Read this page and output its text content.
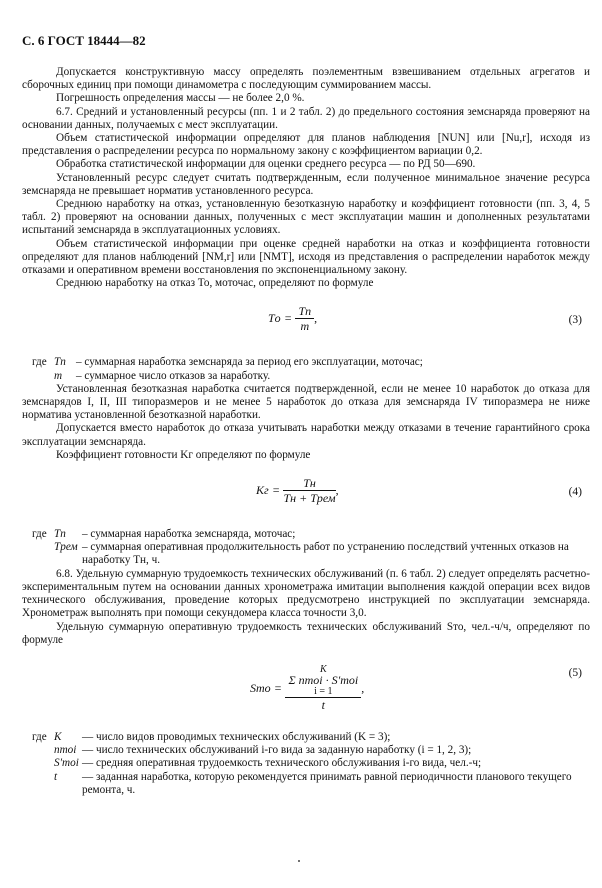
С. 6 ГОСТ 18444—82

Допускается конструктивную массу определять поэлементным взвешиванием отдельных агрегатов и сборочных единиц при помощи динамометра с последующим суммированием массы.

Погрешность определения массы — не более 2,0 %.

6.7. Средний и установленный ресурсы (пп. 1 и 2 табл. 2) до предельного состояния земснаряда проверяют на основании данных, получаемых с мест эксплуатации.

Объем статистической информации определяют для планов наблюдения [NUN] или [Nu,r], исходя из представления о распределении ресурса по нормальному закону с коэффициентом вариации 0,2.

Обработка статистической информации для оценки среднего ресурса — по РД 50—690.

Установленный ресурс следует считать подтвержденным, если полученное минимальное значение ресурса земснаряда не превышает норматив установленного ресурса.

Среднюю наработку на отказ, установленную безотказную наработку и коэффициент готовности (пп. 3, 4, 5 табл. 2) проверяют на основании данных, полученных с мест эксплуатации машин и дополненных результатами испытаний земснаряда в эксплуатационных условиях.

Объем статистической информации при оценке средней наработки на отказ и коэффициента готовности определяют для планов наблюдений [NM,r] или [NMT], исходя из представления о распределении наработок между отказами и оперативном времени восстановления по экспоненциальному закону.

Среднюю наработку на отказ To, моточас, определяют по формуле

Tо = $\frac{Tп}{m}$ ,	(3)
где Tп – суммарная наработка земснаряда за период его эксплуатации, моточас;
m	– суммарное число отказов за наработку.

Установленная безотказная наработка считается подтвержденной, если не менее 10 наработок до отказа для земснарядов I, II, III типоразмеров и не менее 5 наработок до отказа для земснаряда IV типоразмера не ниже норматива установленной безотказной наработки.

Допускается вместо наработок до отказа учитывать наработки между отказами в течение гарантийного срока эксплуатации земснаряда.

Коэффициент готовности Kг определяют по формуле

Kг = $\frac{Tн}{\text{Tн + Tрем}}$ ,	(4)
где Tп	– суммарная наработка земснаряда, моточас;
Tрем – суммарная оперативная продолжительность работ по устранению последствий учтенных отказов на наработку Tн, ч.

6.8. Удельную суммарную трудоемкость технических обслуживаний (п. 6 табл. 2) следует определять расчетно-экспериментальным путем на основании данных хронометража имитации выполнения каждой операции всех видов технического обслуживания, проведение которых предусмотрено инструкцией по эксплуатации земснаряда. Хронометраж выполнять при помощи секундомера класса точности 3,0.

Удельную суммарную оперативную трудоемкость технических обслуживаний Sто, чел.-ч/ч, определяют по формуле

Sто =
K
Σ nтоi · S′тоi
i = 1
t
,
(5)
где K	— число видов проводимых технических обслуживаний (K = 3);
nтоi — число технических обслуживаний i-го вида за заданную наработку (i = 1, 2, 3);
S′тоi — средняя оперативная трудоемкость технического обслуживания i-го вида, чел.-ч;
t	— заданная наработка, которую рекомендуется принимать равной периодичности планового текущего ремонта, ч.
